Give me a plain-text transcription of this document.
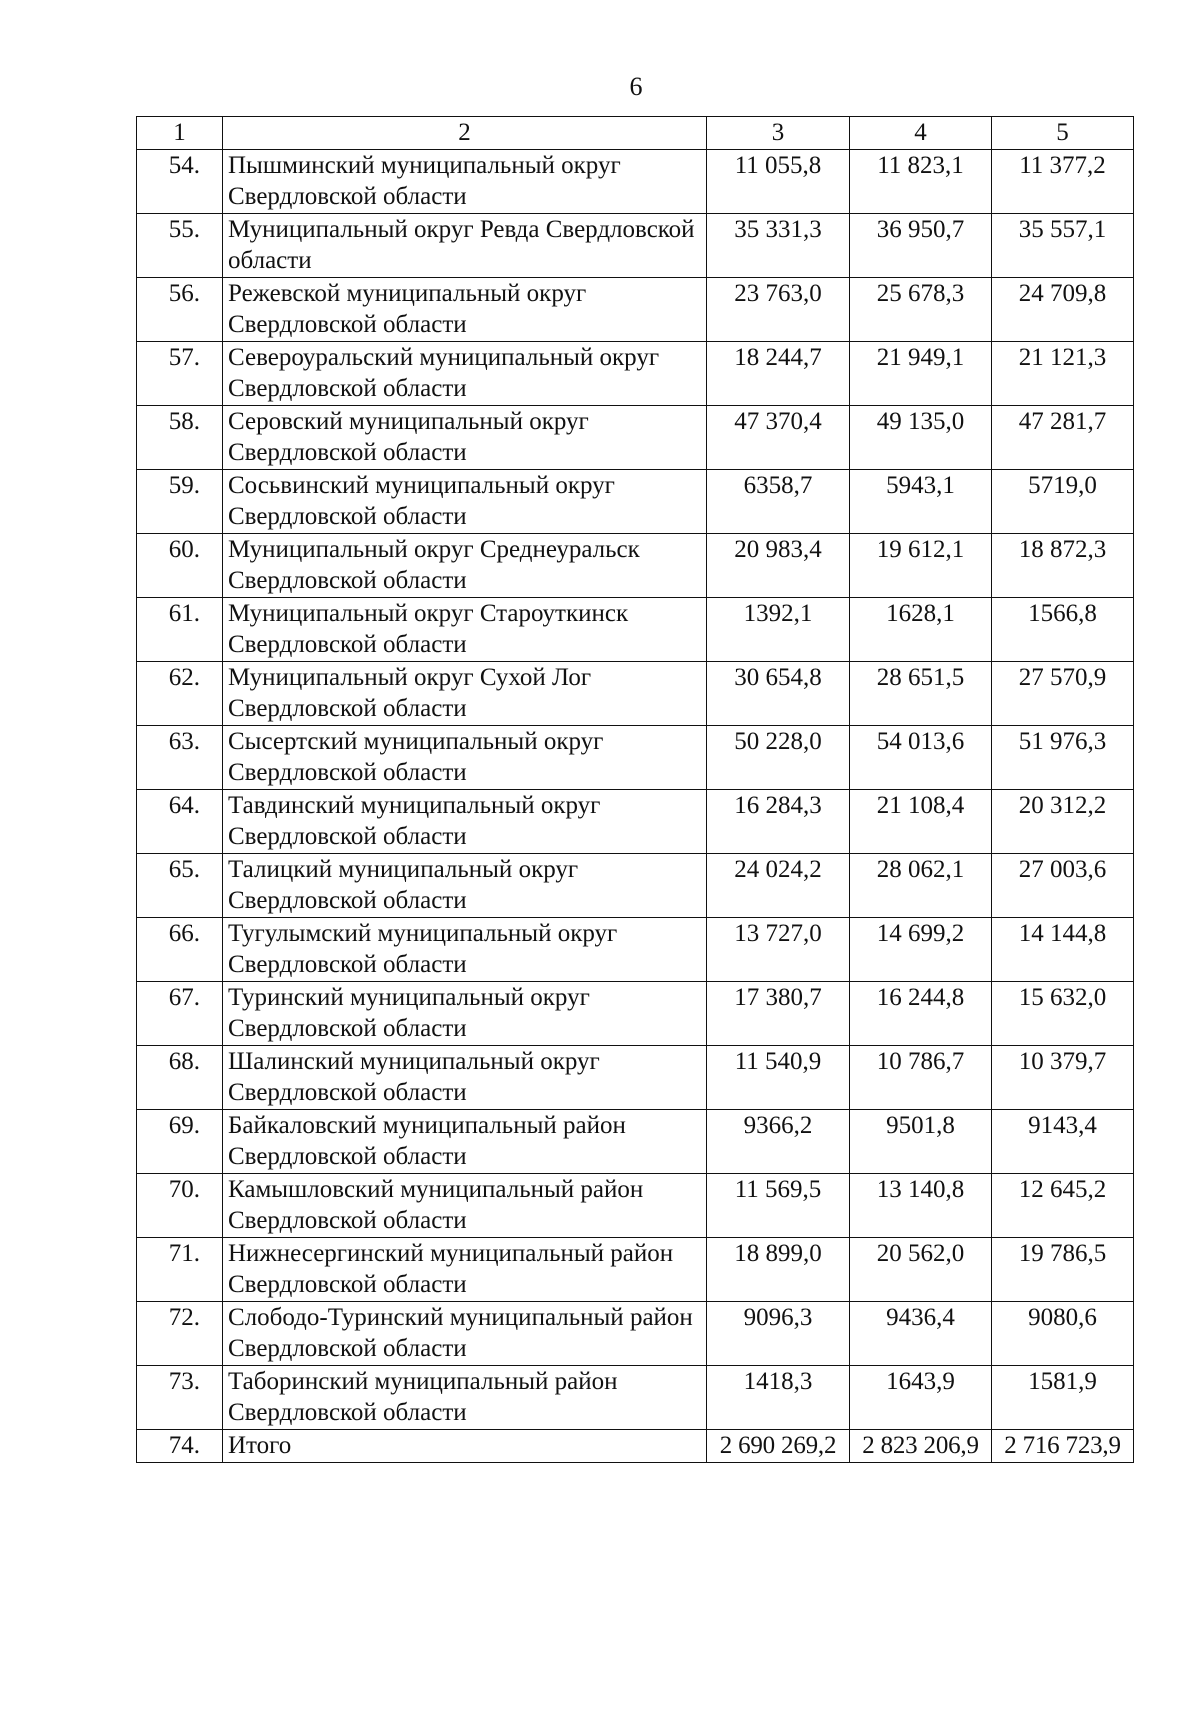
6
1	2	3	4	5
54.	Пышминский муниципальный округ Свердловской области	11 055,8	11 823,1	11 377,2
55.	Муниципальный округ Ревда Свердловской области	35 331,3	36 950,7	35 557,1
56.	Режевской муниципальный округ Свердловской области	23 763,0	25 678,3	24 709,8
57.	Североуральский муниципальный округ Свердловской области	18 244,7	21 949,1	21 121,3
58.	Серовский муниципальный округ Свердловской области	47 370,4	49 135,0	47 281,7
59.	Сосьвинский муниципальный округ Свердловской области	6358,7	5943,1	5719,0
60.	Муниципальный округ Среднеуральск Свердловской области	20 983,4	19 612,1	18 872,3
61.	Муниципальный округ Староуткинск Свердловской области	1392,1	1628,1	1566,8
62.	Муниципальный округ Сухой Лог Свердловской области	30 654,8	28 651,5	27 570,9
63.	Сысертский муниципальный округ Свердловской области	50 228,0	54 013,6	51 976,3
64.	Тавдинский муниципальный округ Свердловской области	16 284,3	21 108,4	20 312,2
65.	Талицкий муниципальный округ Свердловской области	24 024,2	28 062,1	27 003,6
66.	Тугулымский муниципальный округ Свердловской области	13 727,0	14 699,2	14 144,8
67.	Туринский муниципальный округ Свердловской области	17 380,7	16 244,8	15 632,0
68.	Шалинский муниципальный округ Свердловской области	11 540,9	10 786,7	10 379,7
69.	Байкаловский муниципальный район Свердловской области	9366,2	9501,8	9143,4
70.	Камышловский муниципальный район Свердловской области	11 569,5	13 140,8	12 645,2
71.	Нижнесергинский муниципальный район Свердловской области	18 899,0	20 562,0	19 786,5
72.	Слободо-Туринский муниципальный район Свердловской области	9096,3	9436,4	9080,6
73.	Таборинский муниципальный район Свердловской области	1418,3	1643,9	1581,9
74.	Итого	2 690 269,2	2 823 206,9	2 716 723,9
